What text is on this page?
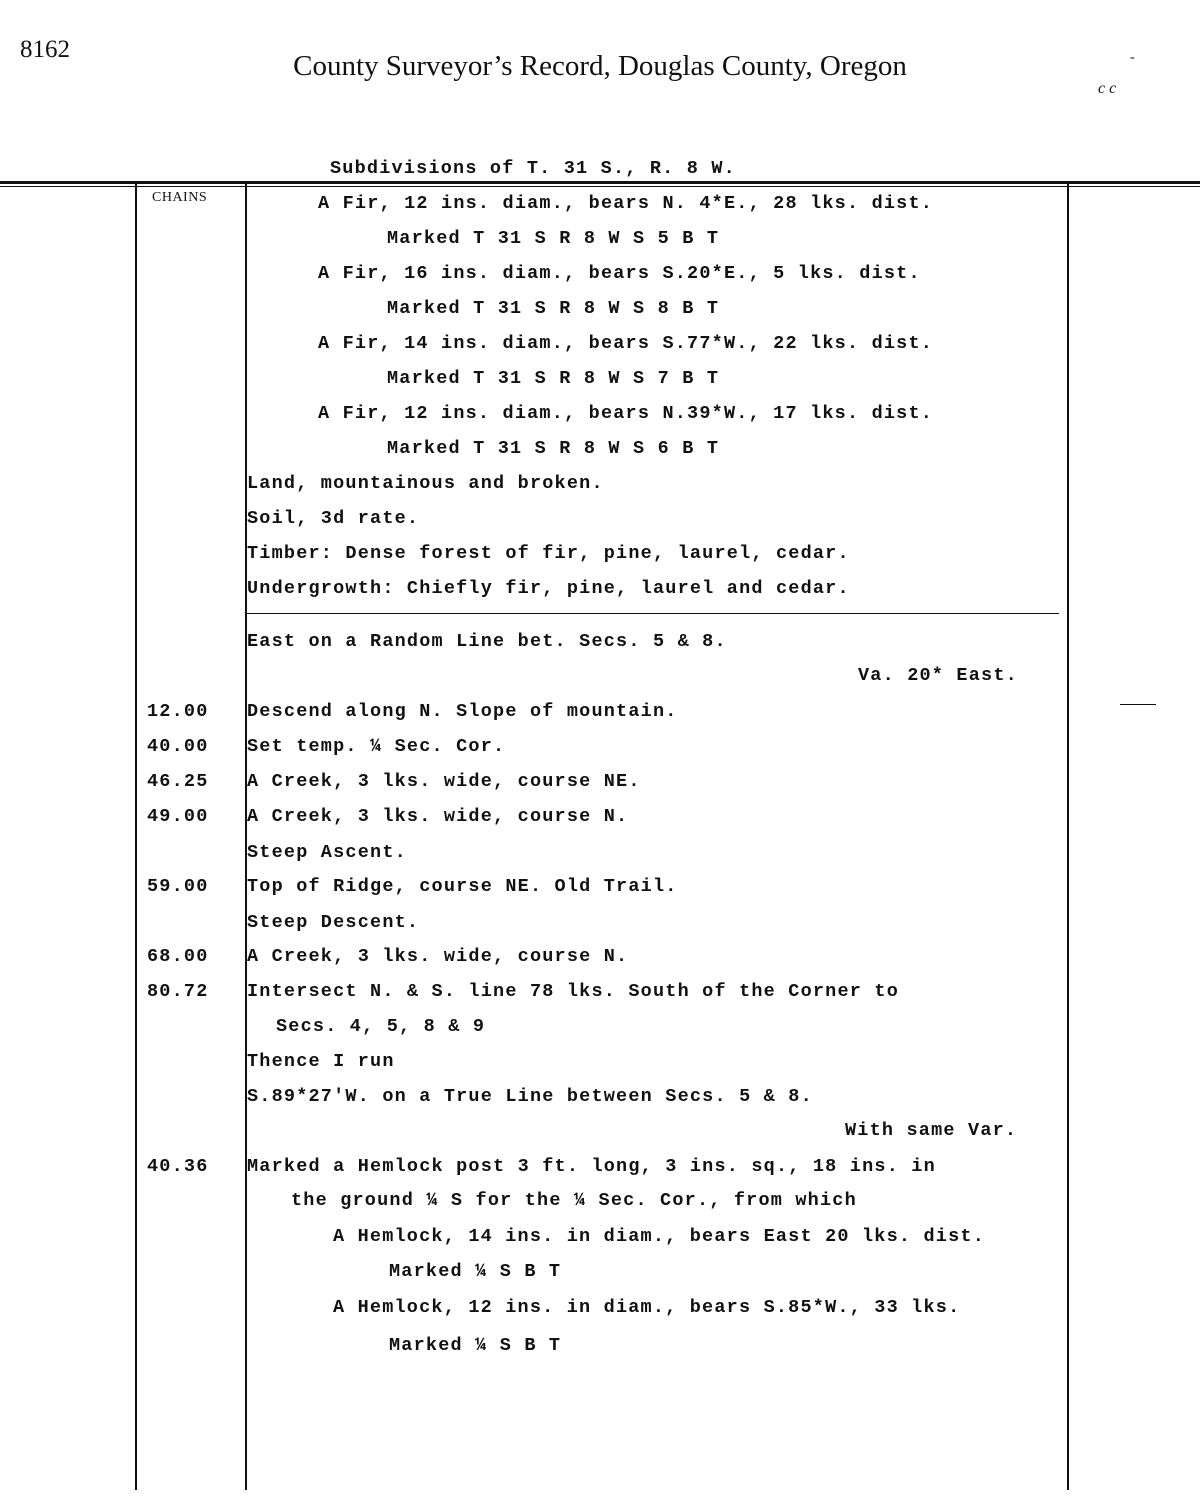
8162
County Surveyor’s Record, Douglas County, Oregon	-
c c
Subdivisions of T. 31 S., R. 8 W.
CHAINS	A Fir, 12 ins. diam., bears N. 4*E., 28 lks. dist.
Marked T 31 S R 8 W S 5 B T
A Fir, 16 ins. diam., bears S.20*E., 5 lks. dist.
Marked T 31 S R 8 W S 8 B T
A Fir, 14 ins. diam., bears S.77*W., 22 lks. dist.
Marked T 31 S R 8 W S 7 B T
A Fir, 12 ins. diam., bears N.39*W., 17 lks. dist.
Marked T 31 S R 8 W S 6 B T
Land, mountainous and broken.
Soil, 3d rate.
Timber: Dense forest of fir, pine, laurel, cedar.
Undergrowth: Chiefly fir, pine, laurel and cedar.
East on a Random Line bet. Secs. 5 & 8.
Va. 20* East.
12.00	Descend along N. Slope of mountain.
40.00	Set temp. ¼ Sec. Cor.
46.25	A Creek, 3 lks. wide, course NE.
49.00	A Creek, 3 lks. wide, course N.
Steep Ascent.
59.00	Top of Ridge, course NE. Old Trail.
Steep Descent.
68.00	A Creek, 3 lks. wide, course N.
80.72	Intersect N. & S. line 78 lks. South of the Corner to
Secs. 4, 5, 8 & 9
Thence I run
S.89*27'W. on a True Line between Secs. 5 & 8.
With same Var.
40.36	Marked a Hemlock post 3 ft. long, 3 ins. sq., 18 ins. in
the ground ¼ S for the ¼ Sec. Cor., from which
A Hemlock, 14 ins. in diam., bears East 20 lks. dist.
Marked ¼ S B T
A Hemlock, 12 ins. in diam., bears S.85*W., 33 lks.
Marked ¼ S B T
